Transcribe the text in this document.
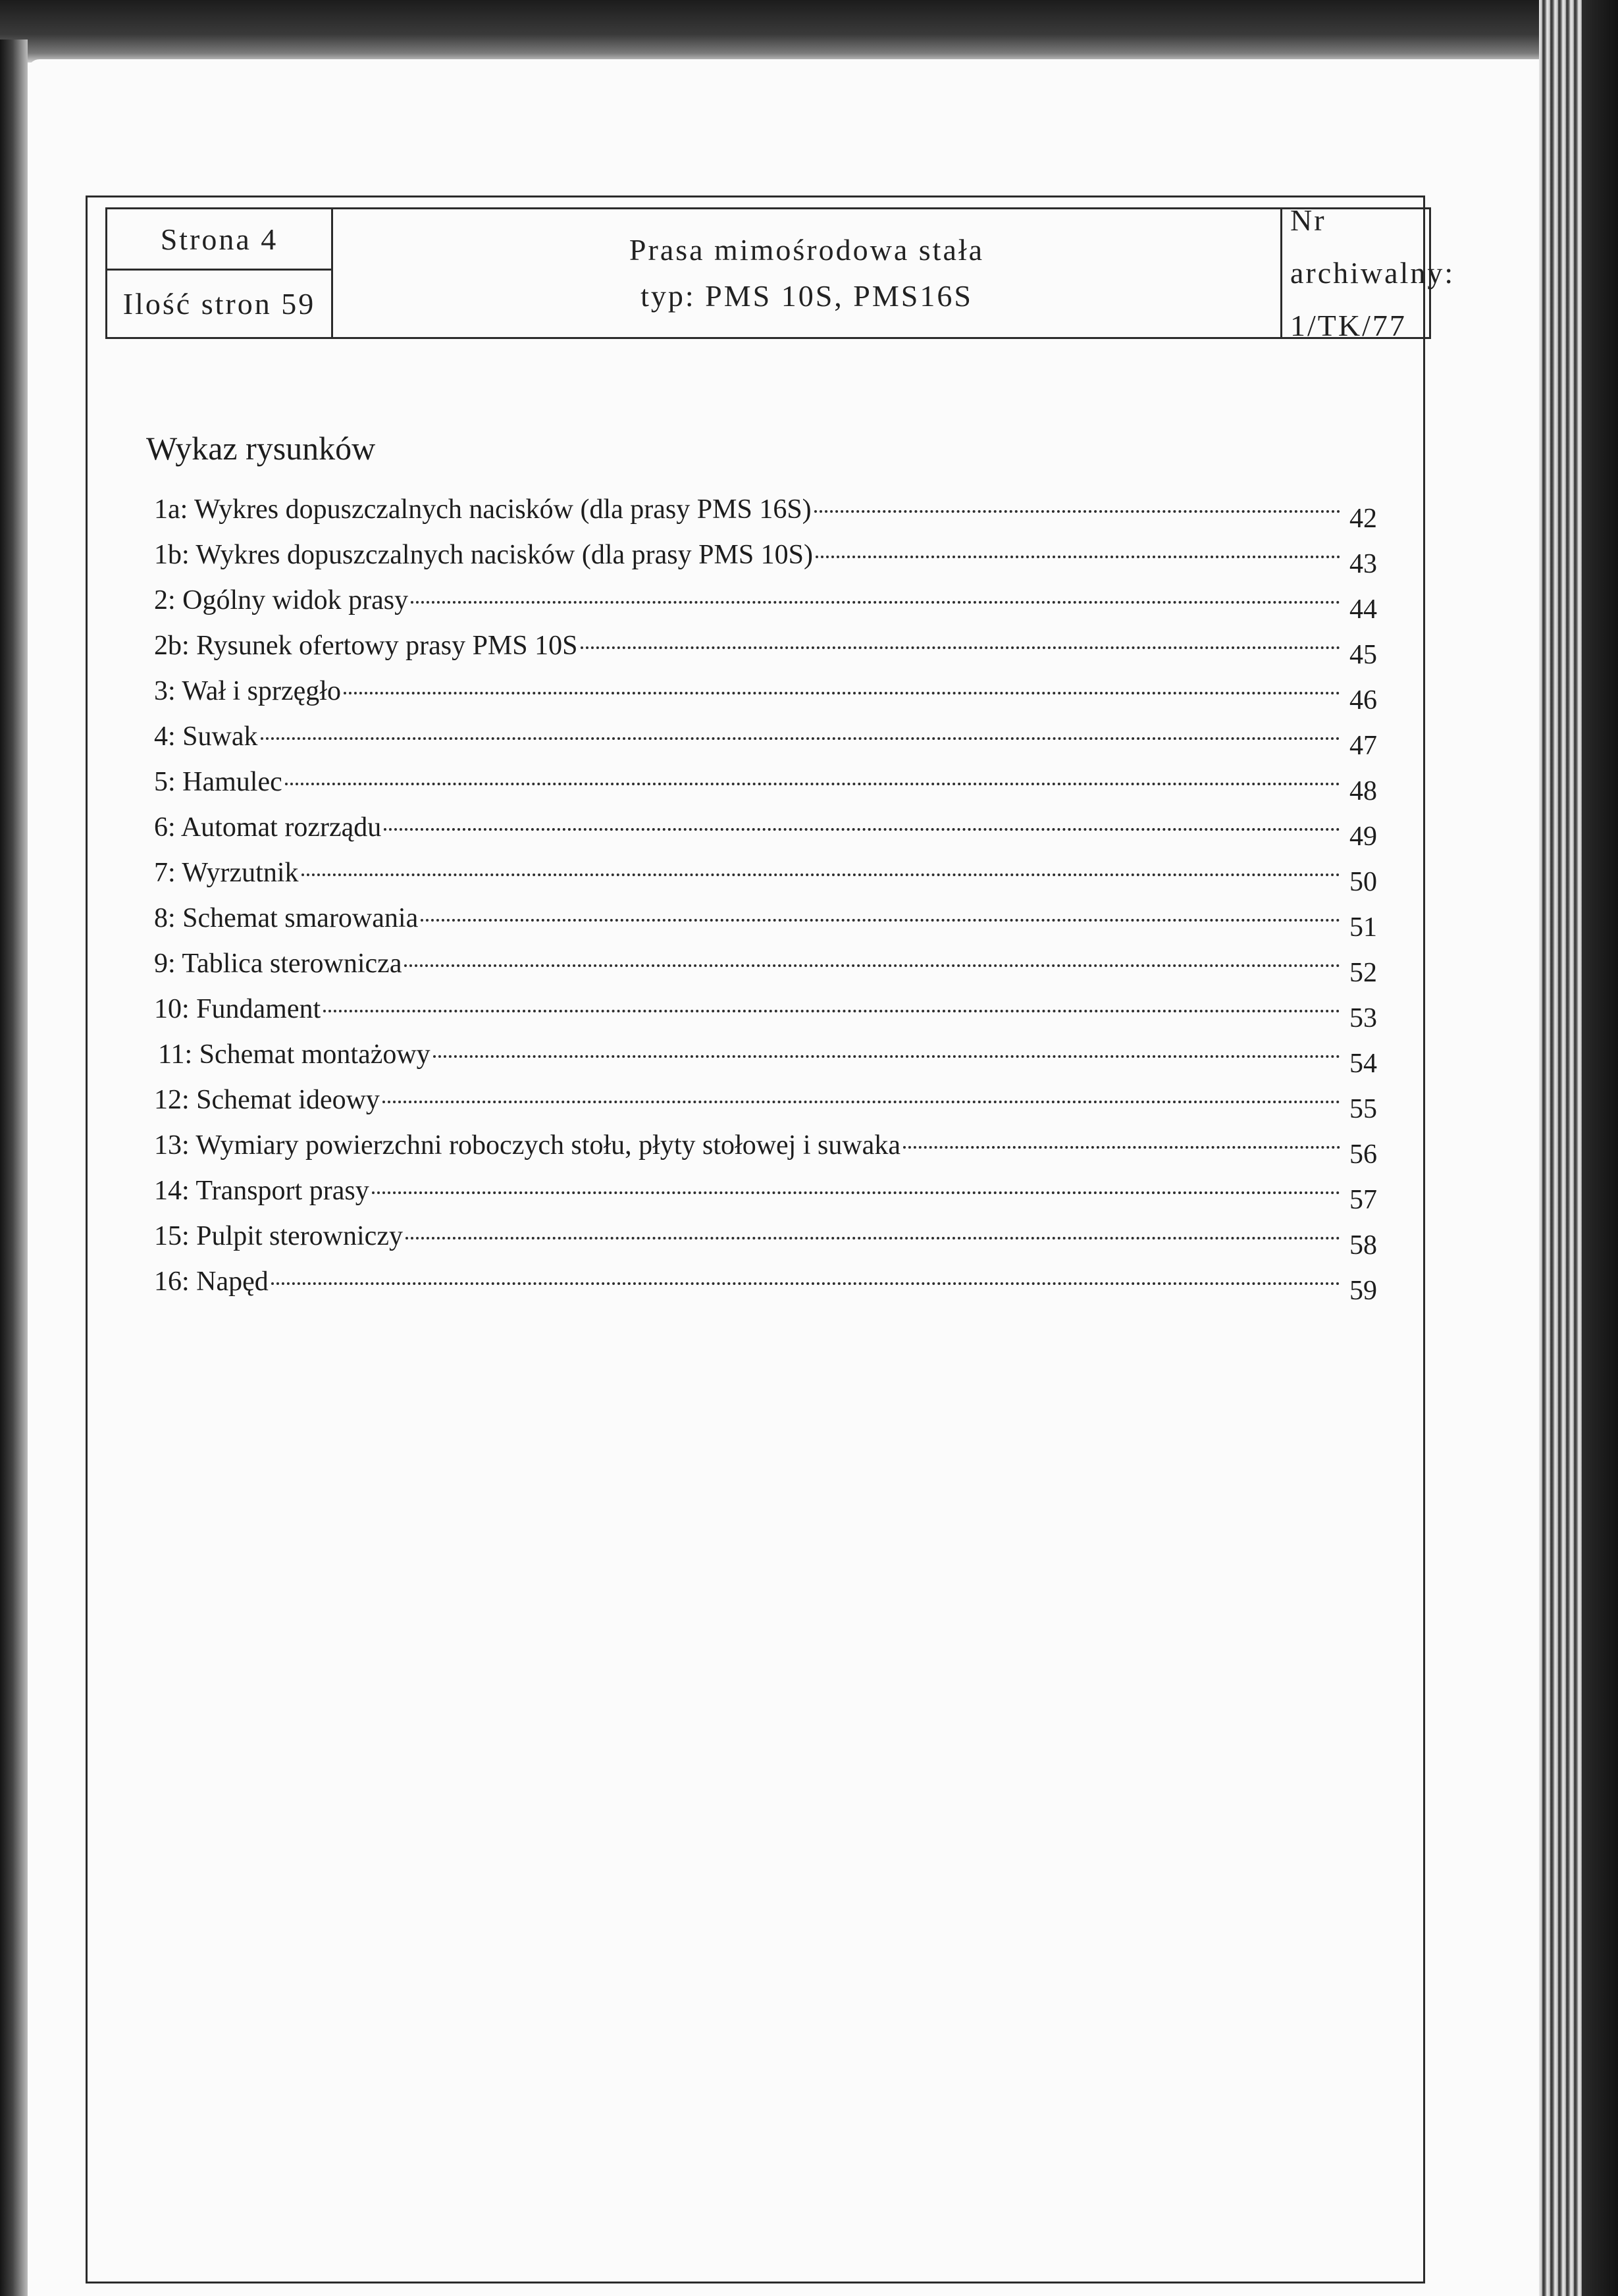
Strona 4
Ilość stron 59
Prasa mimośrodowa stała
typ: PMS 10S, PMS16S
Nr archiwalny:
1/TK/77
Wykaz rysunków
1a: Wykres dopuszczalnych nacisków (dla prasy PMS 16S)	42
1b: Wykres dopuszczalnych nacisków (dla prasy PMS 10S)	43
2: Ogólny widok prasy	44
2b: Rysunek ofertowy prasy PMS 10S	45
3: Wał i sprzęgło	46
4: Suwak	47
5: Hamulec	48
6: Automat rozrządu	49
7: Wyrzutnik	50
8: Schemat smarowania	51
9: Tablica sterownicza	52
10: Fundament	53
11: Schemat montażowy	54
12: Schemat ideowy	55
13: Wymiary powierzchni roboczych stołu, płyty stołowej i suwaka	56
14: Transport prasy	57
15: Pulpit sterowniczy	58
16: Napęd	59
